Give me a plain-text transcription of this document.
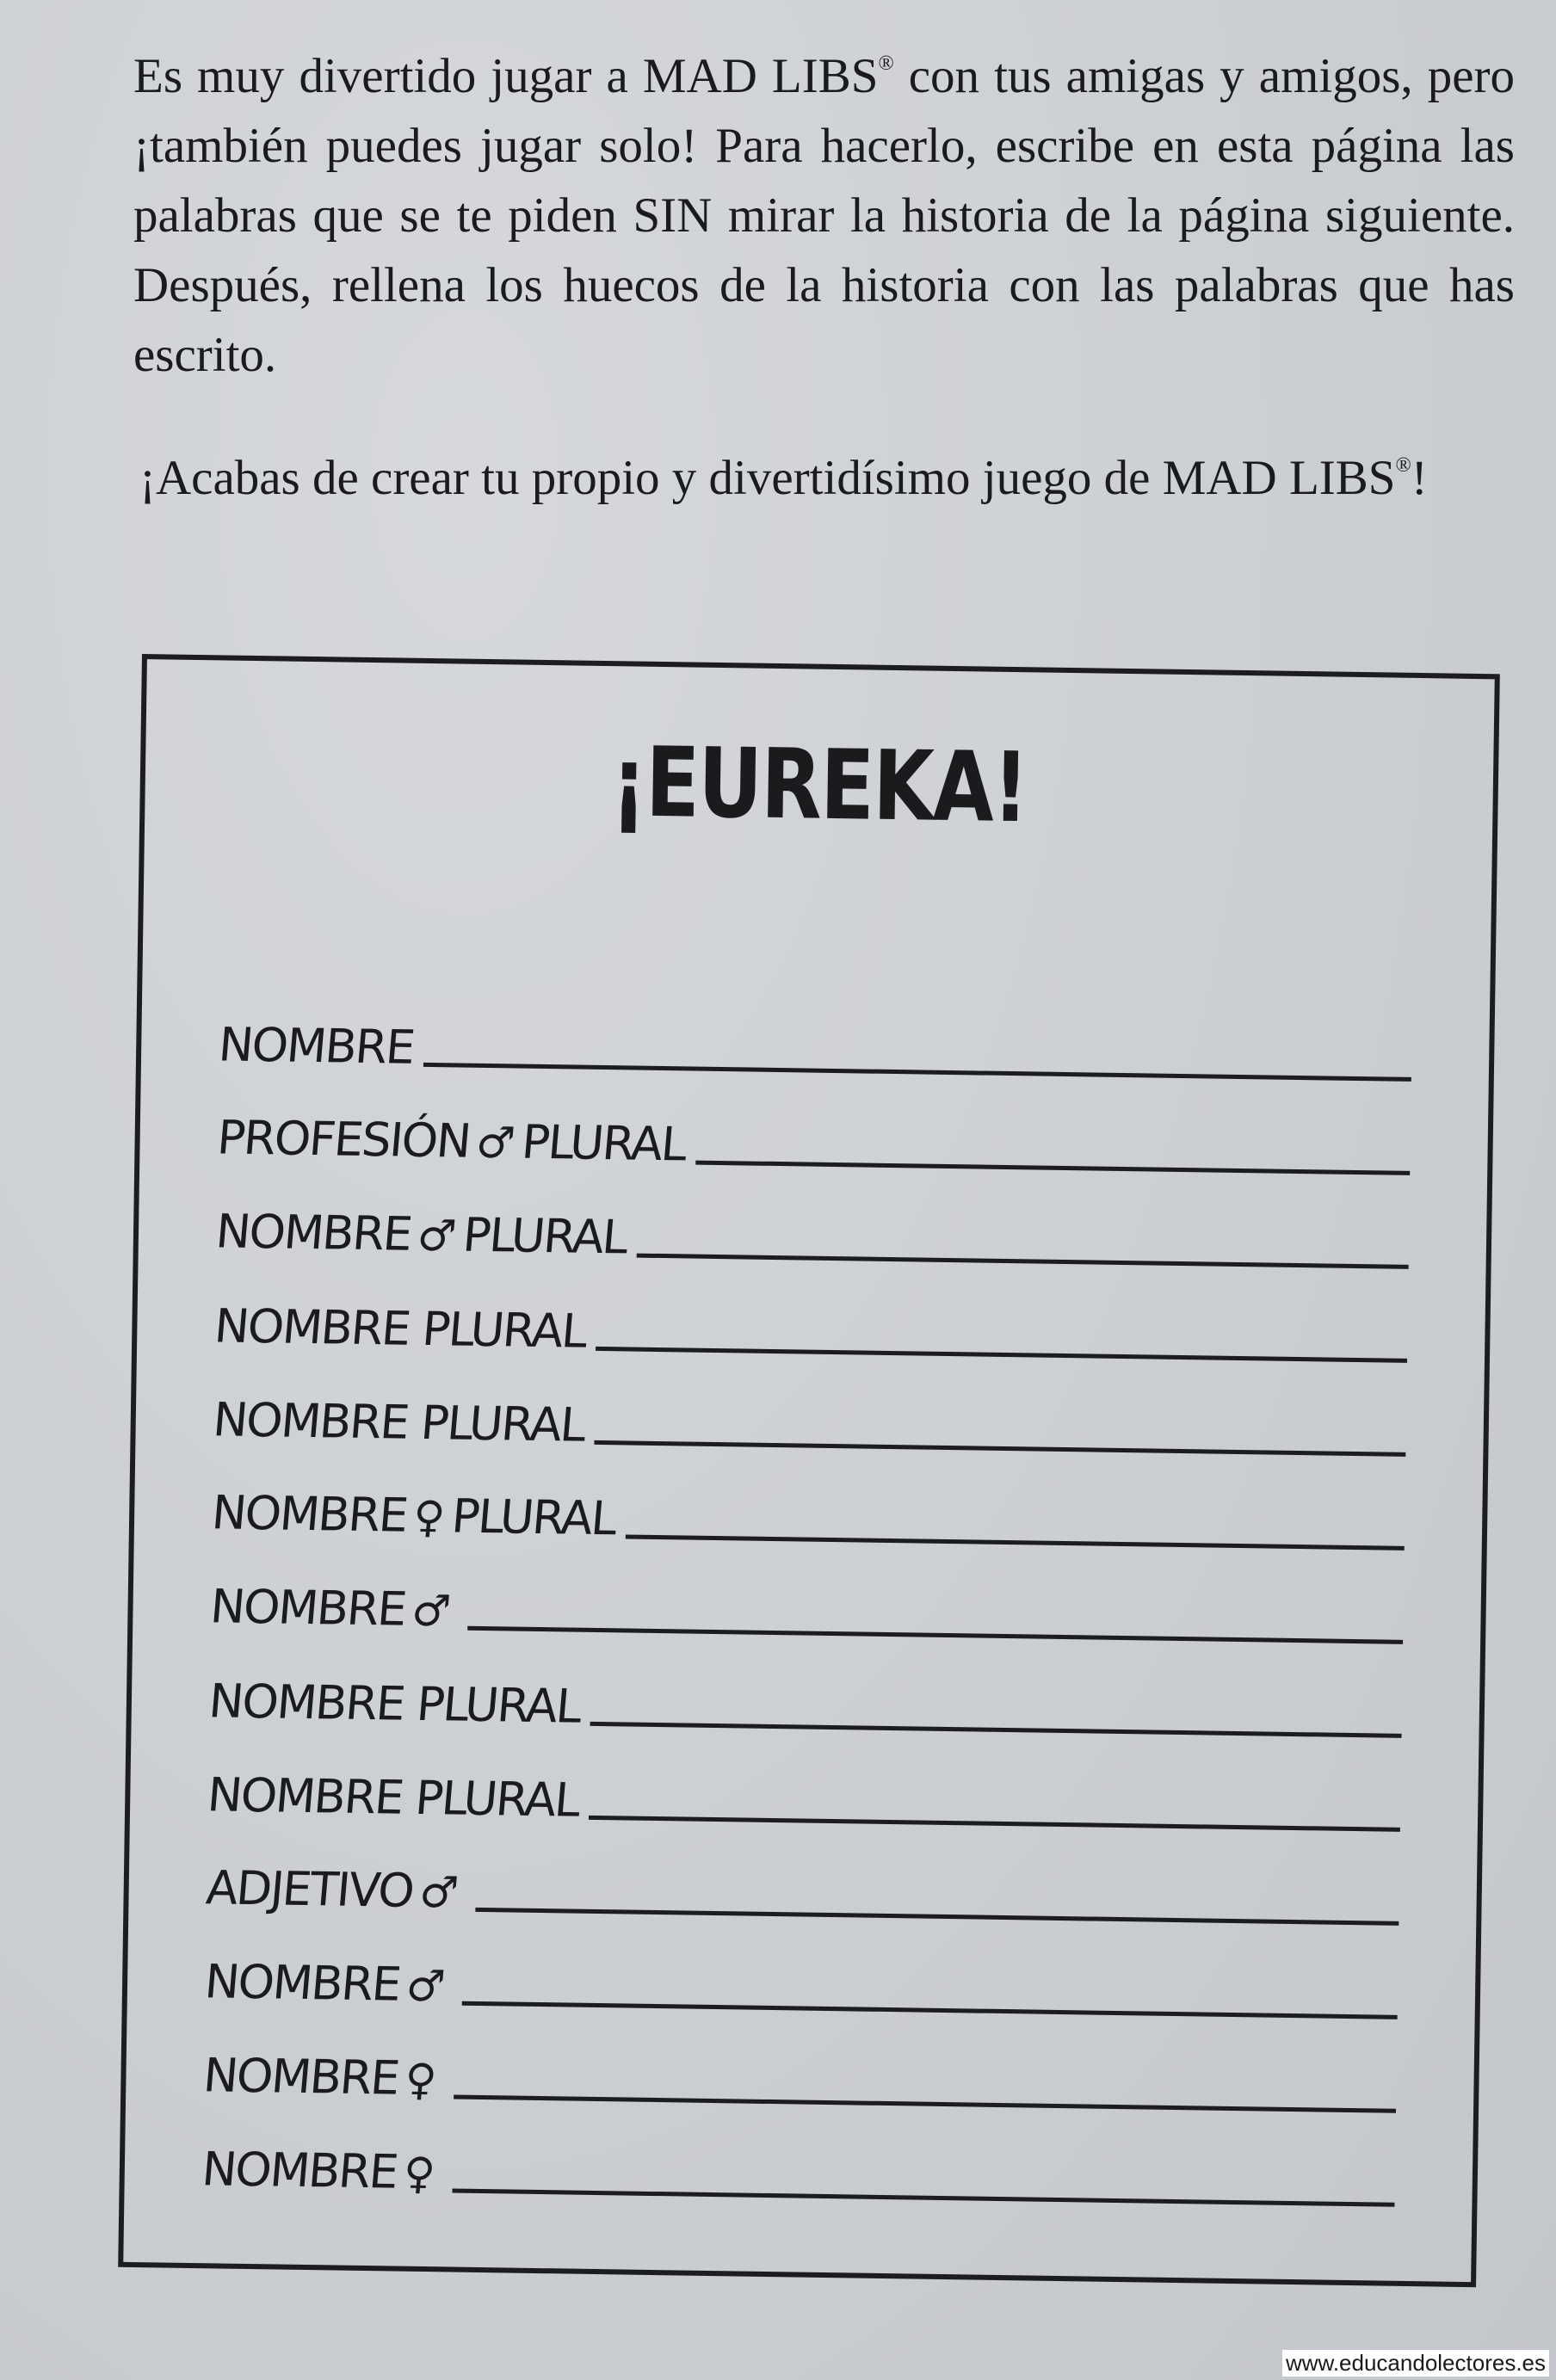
Es muy divertido jugar a MAD LIBS® con tus amigas y amigos, pero ¡también puedes jugar solo! Para hacerlo, escribe en esta página las palabras que se te piden SIN mirar la historia de la página siguiente. Después, rellena los huecos de la historia con las palabras que has escrito.

¡Acabas de crear tu propio y divertidísimo juego de MAD LIBS®!

¡EUREKA!
NOMBRE
PROFESIÓN♂PLURAL
NOMBRE♂PLURAL
NOMBRE PLURAL
NOMBRE PLURAL
NOMBRE♀PLURAL
NOMBRE♂
NOMBRE PLURAL
NOMBRE PLURAL
ADJETIVO♂
NOMBRE♂
NOMBRE♀
NOMBRE♀
www.educandolectores.es
